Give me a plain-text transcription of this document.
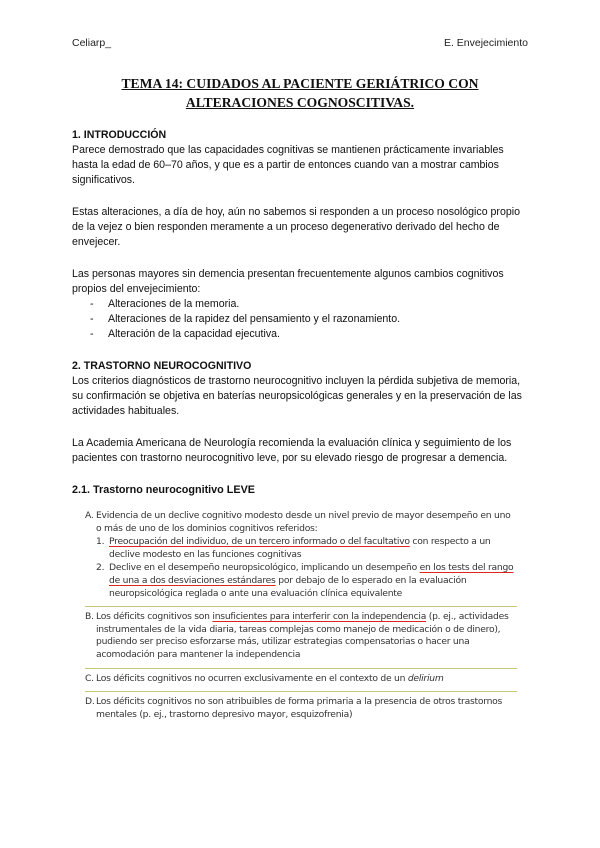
Celiarp_	E. Envejecimiento
TEMA 14: CUIDADOS AL PACIENTE GERIÁTRICO CON
ALTERACIONES COGNOSCITIVAS.

1. INTRODUCCIÓN

Parece demostrado que las capacidades cognitivas se mantienen prácticamente invariables hasta la edad de 60–70 años, y que es a partir de entonces cuando van a mostrar cambios significativos.

Estas alteraciones, a día de hoy, aún no sabemos si responden a un proceso nosológico propio de la vejez o bien responden meramente a un proceso degenerativo derivado del hecho de envejecer.

Las personas mayores sin demencia presentan frecuentemente algunos cambios cognitivos propios del envejecimiento:

- Alteraciones de la memoria.
- Alteraciones de la rapidez del pensamiento y el razonamiento.
- Alteración de la capacidad ejecutiva.

2. TRASTORNO NEUROCOGNITIVO

Los criterios diagnósticos de trastorno neurocognitivo incluyen la pérdida subjetiva de memoria, su confirmación se objetiva en baterías neuropsicológicas generales y en la preservación de las actividades habituales.

La Academia Americana de Neurología recomienda la evaluación clínica y seguimiento de los pacientes con trastorno neurocognitivo leve, por su elevado riesgo de progresar a demencia.

2.1. Trastorno neurocognitivo LEVE

A. Evidencia de un declive cognitivo modesto desde un nivel previo de mayor desempeño en uno o más de uno de los dominios cognitivos referidos:
1. Preocupación del individuo, de un tercero informado o del facultativo con respecto a un declive modesto en las funciones cognitivas
2. Declive en el desempeño neuropsicológico, implicando un desempeño en los tests del rango de una a dos desviaciones estándares por debajo de lo esperado en la evaluación neuropsicológica reglada o ante una evaluación clínica equivalente
B. Los déficits cognitivos son insuficientes para interferir con la independencia (p. ej., actividades instrumentales de la vida diaria, tareas complejas como manejo de medicación o de dinero), pudiendo ser preciso esforzarse más, utilizar estrategias compensatorias o hacer una acomodación para mantener la independencia
C. Los déficits cognitivos no ocurren exclusivamente en el contexto de un delirium
D. Los déficits cognitivos no son atribuibles de forma primaria a la presencia de otros trastornos mentales (p. ej., trastorno depresivo mayor, esquizofrenia)
